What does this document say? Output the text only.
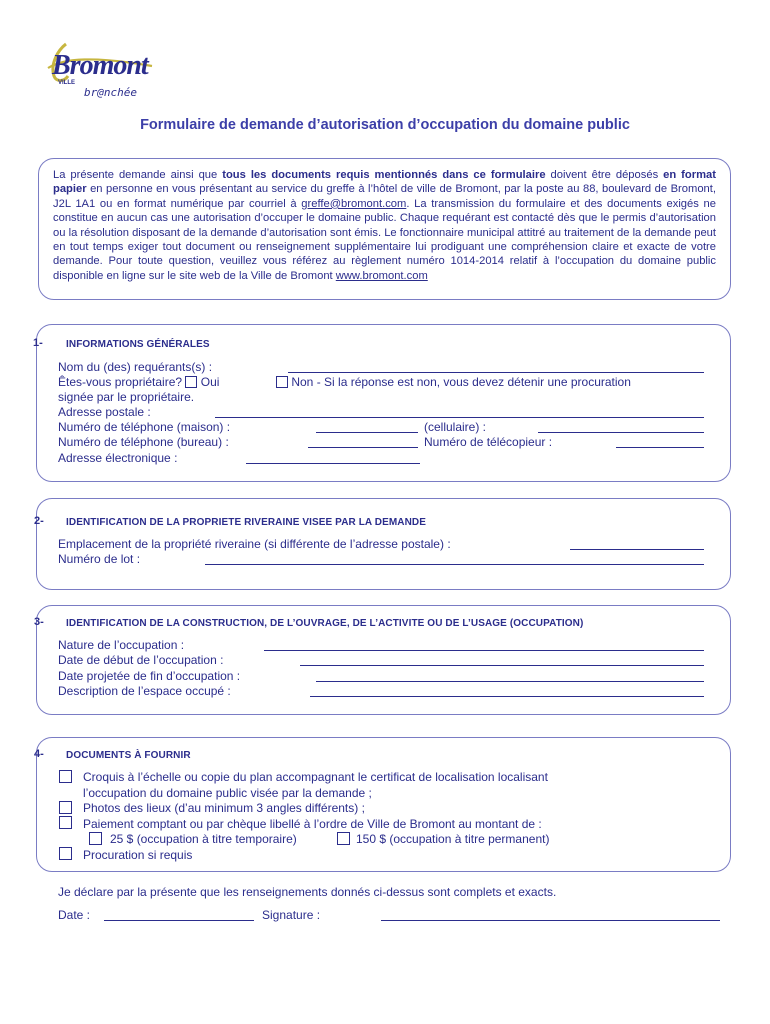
Bromont
VILLE
br@nchée
Formulaire de demande d’autorisation d’occupation du domaine public
La présente demande ainsi que tous les documents requis mentionnés dans ce formulaire doivent être déposés en format papier en personne en vous présentant au service du greffe à l’hôtel de ville de Bromont, par la poste au 88, boulevard de Bromont, J2L 1A1 ou en format numérique par courriel à greffe@bromont.com. La transmission du formulaire et des documents exigés ne constitue en aucun cas une autorisation d’occuper le domaine public. Chaque requérant est contacté dès que le permis d’autorisation ou la résolution disposant de la demande d’autorisation sont émis. Le fonctionnaire municipal attitré au traitement de la demande peut en tout temps exiger tout document ou renseignement supplémentaire lui prodiguant une compréhension claire et exacte de votre demande. Pour toute question, veuillez vous référez au règlement numéro 1014-2014 relatif à l’occupation du domaine public disponible en ligne sur le site web de la Ville de Bromont www.bromont.com
1- INFORMATIONS GÉNÉRALES
Nom du (des) requérants(s) :
Êtes-vous propriétaire? Oui	Non - Si la réponse est non, vous devez détenir une procuration
signée par le propriétaire.
Adresse postale :
Numéro de téléphone (maison) :	(cellulaire) :
Numéro de téléphone (bureau) :	Numéro de télécopieur :
Adresse électronique :
2- IDENTIFICATION DE LA PROPRIETE RIVERAINE VISEE PAR LA DEMANDE
Emplacement de la propriété riveraine (si différente de l’adresse postale) :
Numéro de lot :
3- IDENTIFICATION DE LA CONSTRUCTION, DE L’OUVRAGE, DE L’ACTIVITE OU DE L’USAGE (OCCUPATION)
Nature de l’occupation :
Date de début de l’occupation :
Date projetée de fin d’occupation :
Description de l’espace occupé :
4- DOCUMENTS À FOURNIR
Croquis à l’échelle ou copie du plan accompagnant le certificat de localisation localisant
l’occupation du domaine public visée par la demande ;
Photos des lieux (d’au minimum 3 angles différents) ;
Paiement comptant ou par chèque libellé à l’ordre de Ville de Bromont au montant de :
25 $ (occupation à titre temporaire)	150 $ (occupation à titre permanent)
Procuration si requis
Je déclare par la présente que les renseignements donnés ci-dessus sont complets et exacts.
Date :	Signature :
